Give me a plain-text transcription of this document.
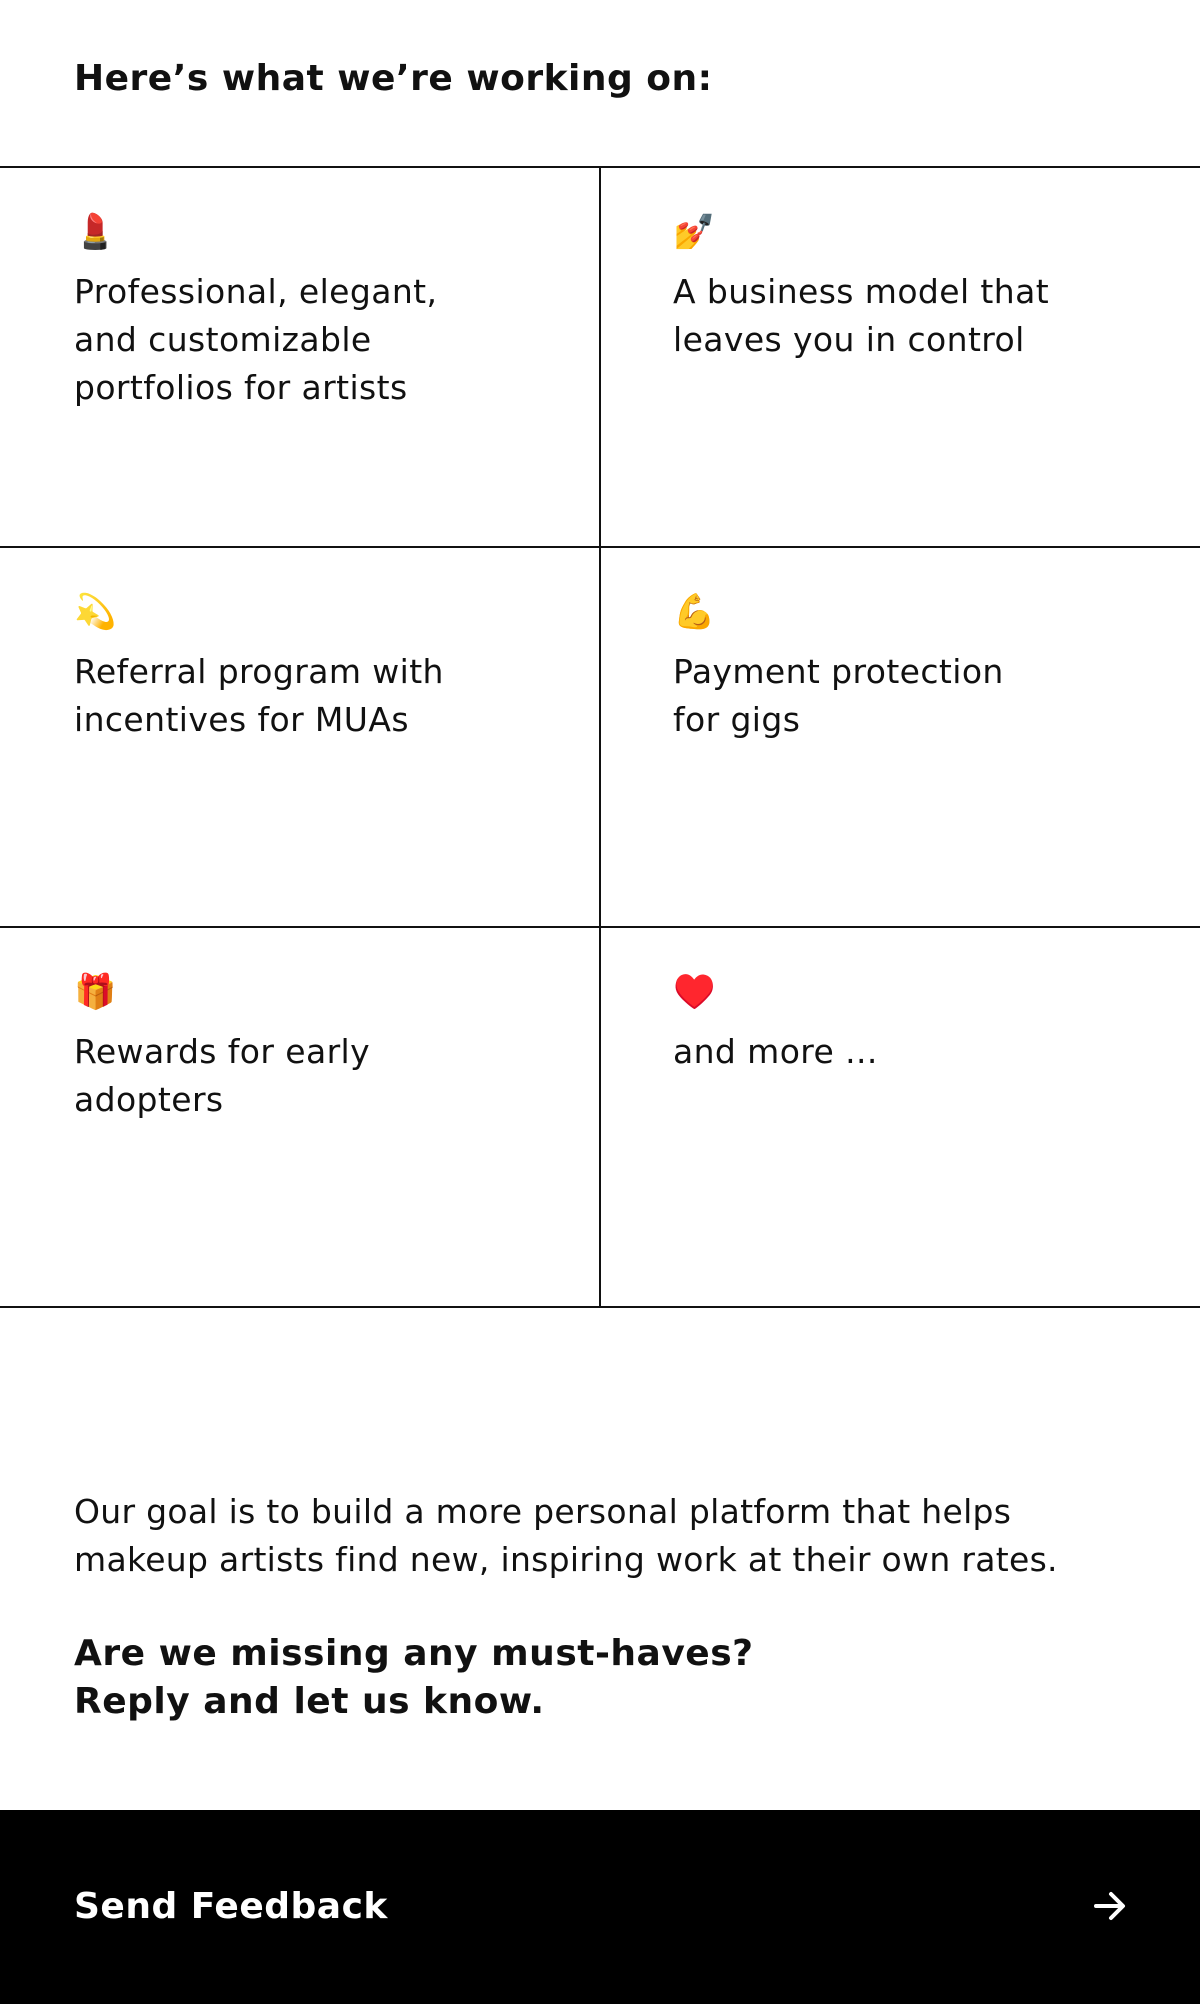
Here’s what we’re working on:
💄

Professional, elegant,
and customizable
portfolios for artists

💅

A business model that
leaves you in control

💫

Referral program with
incentives for MUAs

💪

Payment protection
for gigs

🎁

Rewards for early
adopters

♥️

and more ...

Our goal is to build a more personal platform that helps
makeup artists find new, inspiring work at their own rates.

Are we missing any must-haves?
Reply and let us know.

Send Feedback
